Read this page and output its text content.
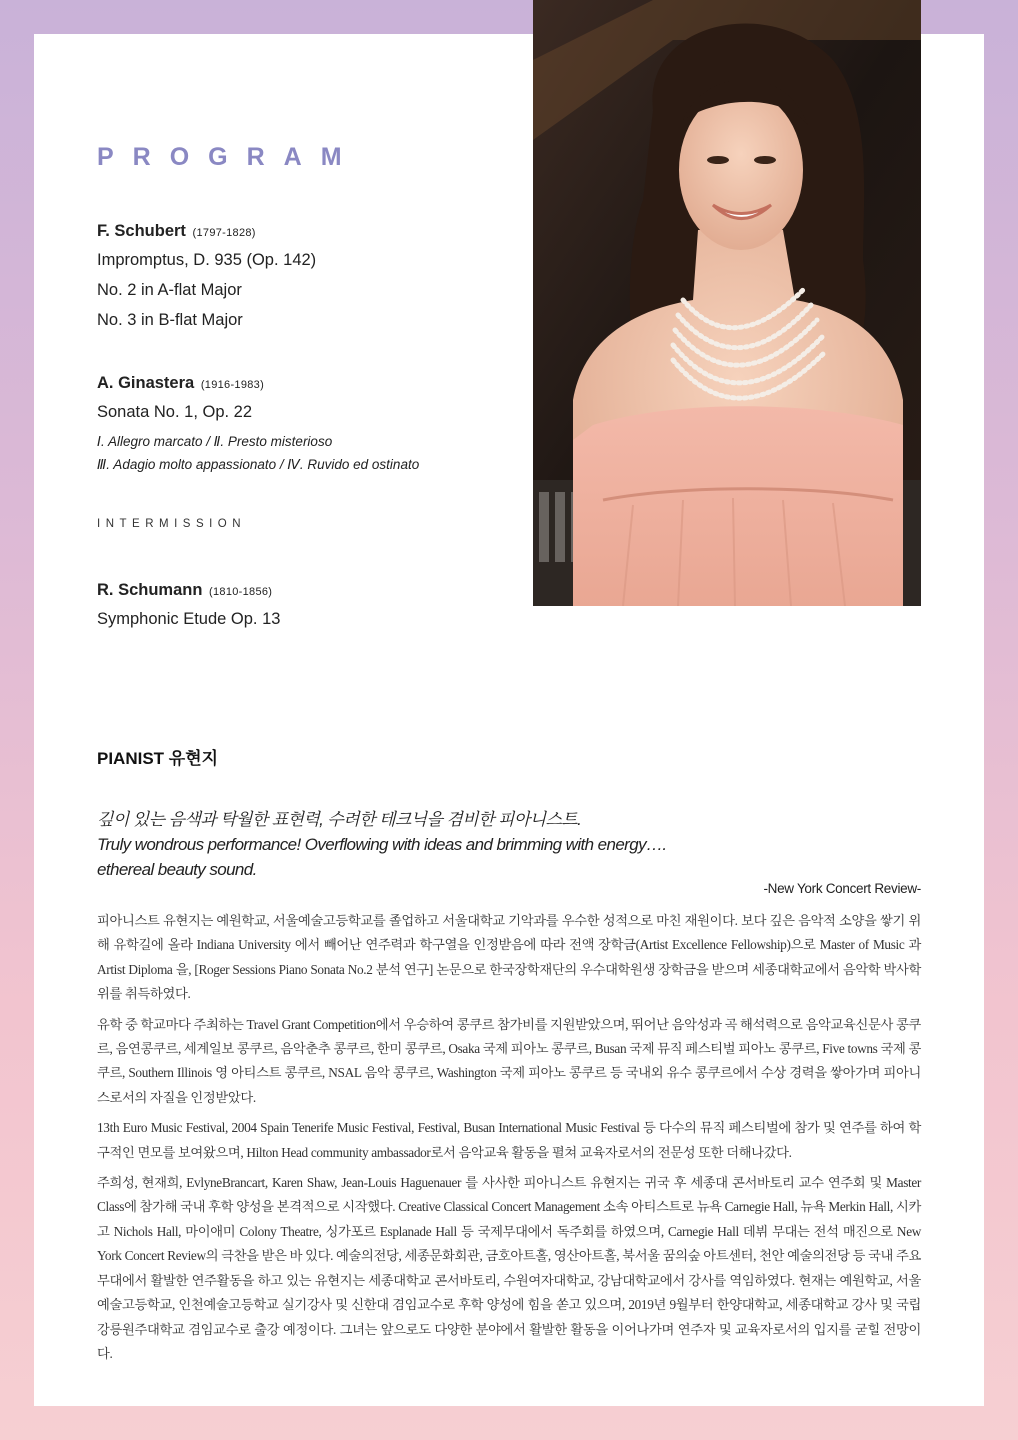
PROGRAM
F. Schubert (1797-1828)
Impromptus, D. 935 (Op. 142)
No. 2 in A-flat Major
No. 3 in B-flat Major
A. Ginastera (1916-1983)
Sonata No. 1, Op. 22
Ⅰ. Allegro marcato / Ⅱ. Presto misterioso
Ⅲ. Adagio molto appassionato / Ⅳ. Ruvido ed ostinato
INTERMISSION
R. Schumann (1810-1856)
Symphonic Etude Op. 13
PIANIST 유현지
깊이 있는 음색과 탁월한 표현력, 수려한 테크닉을 겸비한 피아니스트.
Truly wondrous performance! Overflowing with ideas and brimming with energy….
ethereal beauty sound.
-New York Concert Review-

피아니스트 유현지는 예원학교, 서울예술고등학교를 졸업하고 서울대학교 기악과를 우수한 성적으로 마친 재원이다. 보다 깊은 음악적 소양을 쌓기 위해 유학길에 올라 Indiana University 에서 빼어난 연주력과 학구열을 인정받음에 따라 전액 장학금(Artist Excellence Fellowship)으로 Master of Music 과 Artist Diploma 을, [Roger Sessions Piano Sonata No.2 분석 연구] 논문으로 한국장학재단의 우수대학원생 장학금을 받으며 세종대학교에서 음악학 박사학위를 취득하였다.

유학 중 학교마다 주최하는 Travel Grant Competition에서 우승하여 콩쿠르 참가비를 지원받았으며, 뛰어난 음악성과 곡 해석력으로 음악교육신문사 콩쿠르, 음연콩쿠르, 세계일보 콩쿠르, 음악춘추 콩쿠르, 한미 콩쿠르, Osaka 국제 피아노 콩쿠르, Busan 국제 뮤직 페스티벌 피아노 콩쿠르, Five towns 국제 콩쿠르, Southern Illinois 영 아티스트 콩쿠르, NSAL 음악 콩쿠르, Washington 국제 피아노 콩쿠르 등 국내외 유수 콩쿠르에서 수상 경력을 쌓아가며 피아니스로서의 자질을 인정받았다.

13th Euro Music Festival, 2004 Spain Tenerife Music Festival, Festival, Busan International Music Festival 등 다수의 뮤직 페스티벌에 참가 및 연주를 하여 학구적인 면모를 보여왔으며, Hilton Head community ambassador로서 음악교육 활동을 펼쳐 교육자로서의 전문성 또한 더해나갔다.

주희성, 현재희, EvlyneBrancart, Karen Shaw, Jean-Louis Haguenauer 를 사사한 피아니스트 유현지는 귀국 후 세종대 콘서바토리 교수 연주회 및 Master Class에 참가해 국내 후학 양성을 본격적으로 시작했다. Creative Classical Concert Management 소속 아티스트로 뉴욕 Carnegie Hall, 뉴욕 Merkin Hall, 시카고 Nichols Hall, 마이애미 Colony Theatre, 싱가포르 Esplanade Hall 등 국제무대에서 독주회를 하였으며, Carnegie Hall 데뷔 무대는 전석 매진으로 New York Concert Review의 극찬을 받은 바 있다. 예술의전당, 세종문화회관, 금호아트홀, 영산아트홀, 북서울 꿈의숲 아트센터, 천안 예술의전당 등 국내 주요 무대에서 활발한 연주활동을 하고 있는 유현지는 세종대학교 콘서바토리, 수원여자대학교, 강남대학교에서 강사를 역임하였다. 현재는 예원학교, 서울예술고등학교, 인천예술고등학교 실기강사 및 신한대 겸임교수로 후학 양성에 힘을 쏟고 있으며, 2019년 9월부터 한양대학교, 세종대학교 강사 및 국립강릉원주대학교 겸임교수로 출강 예정이다. 그녀는 앞으로도 다양한 분야에서 활발한 활동을 이어나가며 연주자 및 교육자로서의 입지를 굳힐 전망이다.
